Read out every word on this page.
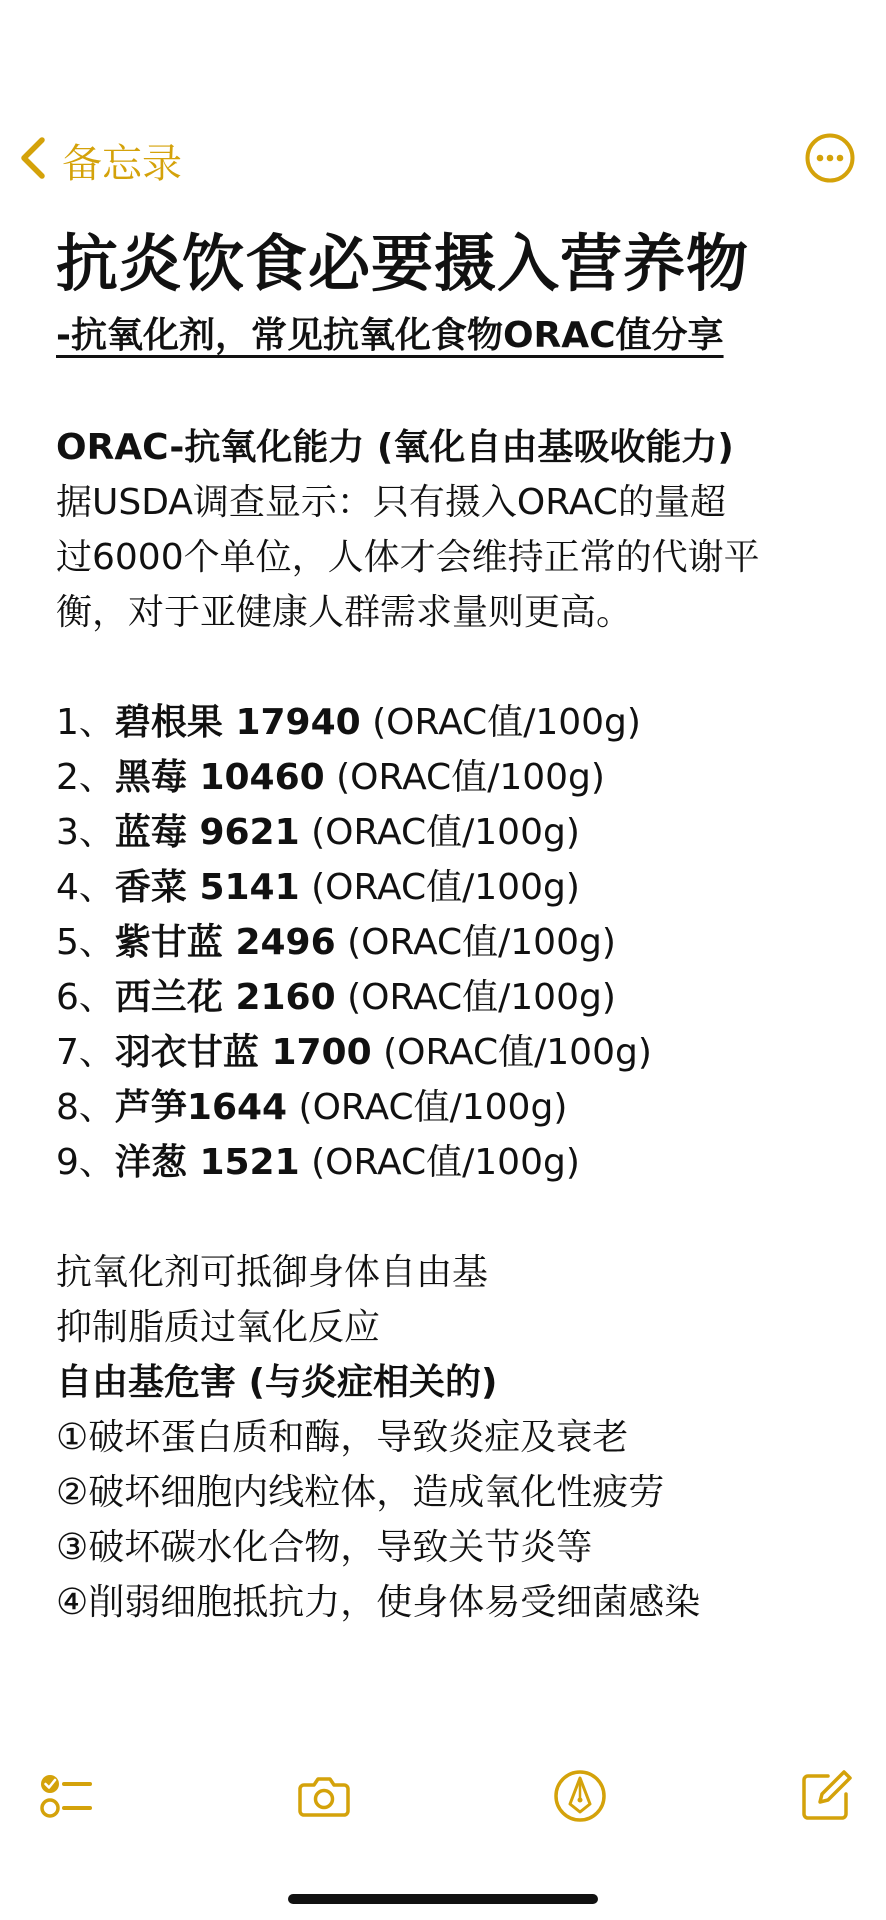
备忘录
抗炎饮食必要摄入营养物
-抗氧化剂，常见抗氧化食物ORAC值分享
ORAC-抗氧化能力 (氧化自由基吸收能力)
据USDA调查显示：只有摄入ORAC的量超
过6000个单位，人体才会维持正常的代谢平
衡，对于亚健康人群需求量则更高。
1、碧根果 17940 (ORAC值/100g)
2、黑莓 10460 (ORAC值/100g)
3、蓝莓 9621 (ORAC值/100g)
4、香菜 5141 (ORAC值/100g)
5、紫甘蓝 2496 (ORAC值/100g)
6、西兰花 2160 (ORAC值/100g)
7、羽衣甘蓝 1700 (ORAC值/100g)
8、芦笋1644 (ORAC值/100g)
9、洋葱 1521 (ORAC值/100g)
抗氧化剂可抵御身体自由基
抑制脂质过氧化反应
自由基危害 (与炎症相关的)
①破坏蛋白质和酶，导致炎症及衰老
②破坏细胞内线粒体，造成氧化性疲劳
③破坏碳水化合物，导致关节炎等
④削弱细胞抵抗力，使身体易受细菌感染
